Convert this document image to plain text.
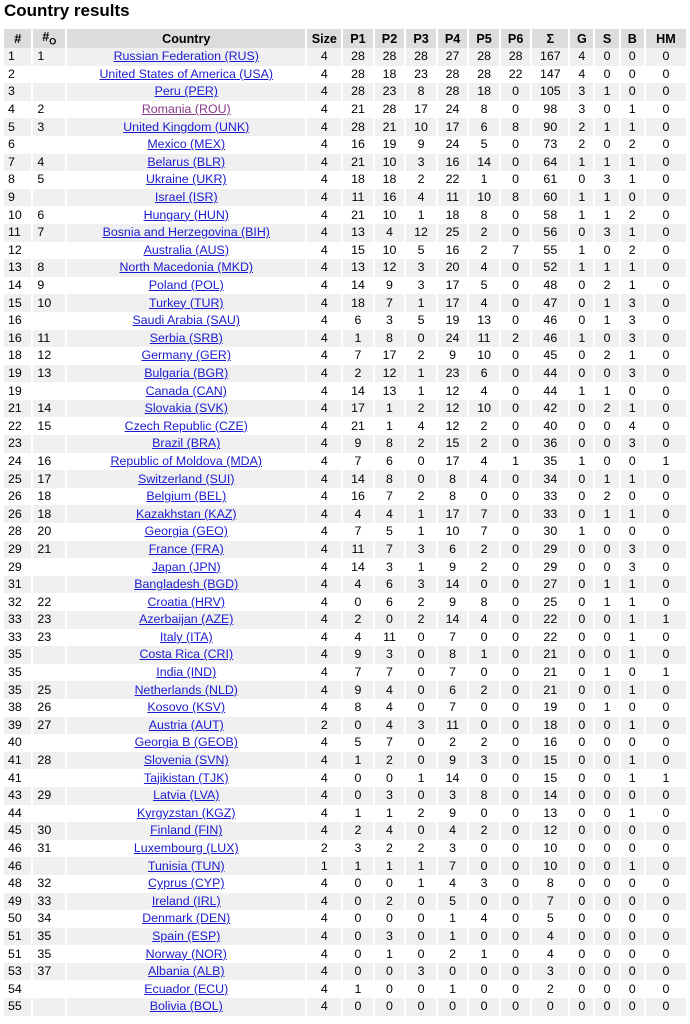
Country results
#	$\#_O$	Country	Size	P1	P2	P3	P4	P5	P6	Σ	G	S	B	HM
1	1	Russian Federation (RUS)	4	28	28	28	27	28	28	167	4	0	0	0
2		United States of America (USA)	4	28	18	23	28	28	22	147	4	0	0	0
3		Peru (PER)	4	28	23	8	28	18	0	105	3	1	0	0
4	2	Romania (ROU)	4	21	28	17	24	8	0	98	3	0	1	0
5	3	United Kingdom (UNK)	4	28	21	10	17	6	8	90	2	1	1	0
6		Mexico (MEX)	4	16	19	9	24	5	0	73	2	0	2	0
7	4	Belarus (BLR)	4	21	10	3	16	14	0	64	1	1	1	0
8	5	Ukraine (UKR)	4	18	18	2	22	1	0	61	0	3	1	0
9		Israel (ISR)	4	11	16	4	11	10	8	60	1	1	0	0
10	6	Hungary (HUN)	4	21	10	1	18	8	0	58	1	1	2	0
11	7	Bosnia and Herzegovina (BIH)	4	13	4	12	25	2	0	56	0	3	1	0
12		Australia (AUS)	4	15	10	5	16	2	7	55	1	0	2	0
13	8	North Macedonia (MKD)	4	13	12	3	20	4	0	52	1	1	1	0
14	9	Poland (POL)	4	14	9	3	17	5	0	48	0	2	1	0
15	10	Turkey (TUR)	4	18	7	1	17	4	0	47	0	1	3	0
16		Saudi Arabia (SAU)	4	6	3	5	19	13	0	46	0	1	3	0
16	11	Serbia (SRB)	4	1	8	0	24	11	2	46	1	0	3	0
18	12	Germany (GER)	4	7	17	2	9	10	0	45	0	2	1	0
19	13	Bulgaria (BGR)	4	2	12	1	23	6	0	44	0	0	3	0
19		Canada (CAN)	4	14	13	1	12	4	0	44	1	1	0	0
21	14	Slovakia (SVK)	4	17	1	2	12	10	0	42	0	2	1	0
22	15	Czech Republic (CZE)	4	21	1	4	12	2	0	40	0	0	4	0
23		Brazil (BRA)	4	9	8	2	15	2	0	36	0	0	3	0
24	16	Republic of Moldova (MDA)	4	7	6	0	17	4	1	35	1	0	0	1
25	17	Switzerland (SUI)	4	14	8	0	8	4	0	34	0	1	1	0
26	18	Belgium (BEL)	4	16	7	2	8	0	0	33	0	2	0	0
26	18	Kazakhstan (KAZ)	4	4	4	1	17	7	0	33	0	1	1	0
28	20	Georgia (GEO)	4	7	5	1	10	7	0	30	1	0	0	0
29	21	France (FRA)	4	11	7	3	6	2	0	29	0	0	3	0
29		Japan (JPN)	4	14	3	1	9	2	0	29	0	0	3	0
31		Bangladesh (BGD)	4	4	6	3	14	0	0	27	0	1	1	0
32	22	Croatia (HRV)	4	0	6	2	9	8	0	25	0	1	1	0
33	23	Azerbaijan (AZE)	4	2	0	2	14	4	0	22	0	0	1	1
33	23	Italy (ITA)	4	4	11	0	7	0	0	22	0	0	1	0
35		Costa Rica (CRI)	4	9	3	0	8	1	0	21	0	0	1	0
35		India (IND)	4	7	7	0	7	0	0	21	0	1	0	1
35	25	Netherlands (NLD)	4	9	4	0	6	2	0	21	0	0	1	0
38	26	Kosovo (KSV)	4	8	4	0	7	0	0	19	0	1	0	0
39	27	Austria (AUT)	2	0	4	3	11	0	0	18	0	0	1	0
40		Georgia B (GEOB)	4	5	7	0	2	2	0	16	0	0	0	0
41	28	Slovenia (SVN)	4	1	2	0	9	3	0	15	0	0	1	0
41		Tajikistan (TJK)	4	0	0	1	14	0	0	15	0	0	1	1
43	29	Latvia (LVA)	4	0	3	0	3	8	0	14	0	0	0	0
44		Kyrgyzstan (KGZ)	4	1	1	2	9	0	0	13	0	0	1	0
45	30	Finland (FIN)	4	2	4	0	4	2	0	12	0	0	0	0
46	31	Luxembourg (LUX)	2	3	2	2	3	0	0	10	0	0	0	0
46		Tunisia (TUN)	1	1	1	1	7	0	0	10	0	0	1	0
48	32	Cyprus (CYP)	4	0	0	1	4	3	0	8	0	0	0	0
49	33	Ireland (IRL)	4	0	2	0	5	0	0	7	0	0	0	0
50	34	Denmark (DEN)	4	0	0	0	1	4	0	5	0	0	0	0
51	35	Spain (ESP)	4	0	3	0	1	0	0	4	0	0	0	0
51	35	Norway (NOR)	4	0	1	0	2	1	0	4	0	0	0	0
53	37	Albania (ALB)	4	0	0	3	0	0	0	3	0	0	0	0
54		Ecuador (ECU)	4	1	0	0	1	0	0	2	0	0	0	0
55		Bolivia (BOL)	4	0	0	0	0	0	0	0	0	0	0	0
